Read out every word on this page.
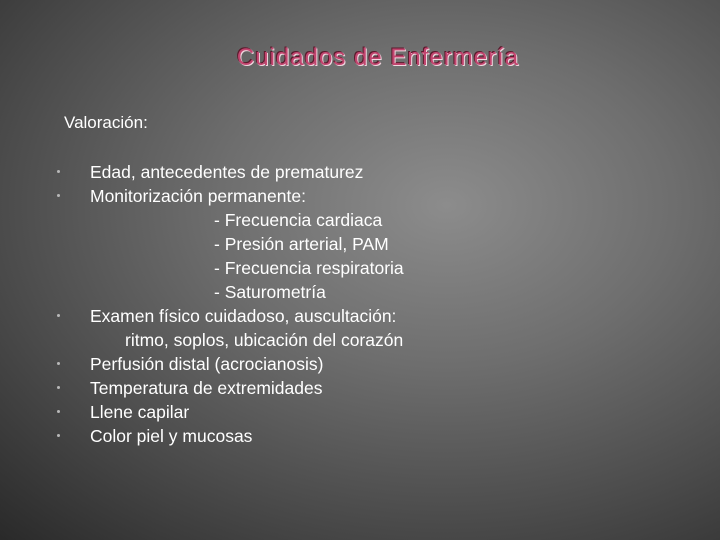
Cuidados de Enfermería
Valoración:
Edad, antecedentes de prematurez
Monitorización permanente:
- Frecuencia cardiaca
- Presión arterial, PAM
- Frecuencia respiratoria
- Saturometría
Examen físico cuidadoso, auscultación:
ritmo, soplos, ubicación del corazón
Perfusión distal (acrocianosis)
Temperatura de extremidades
Llene capilar
Color piel y mucosas
